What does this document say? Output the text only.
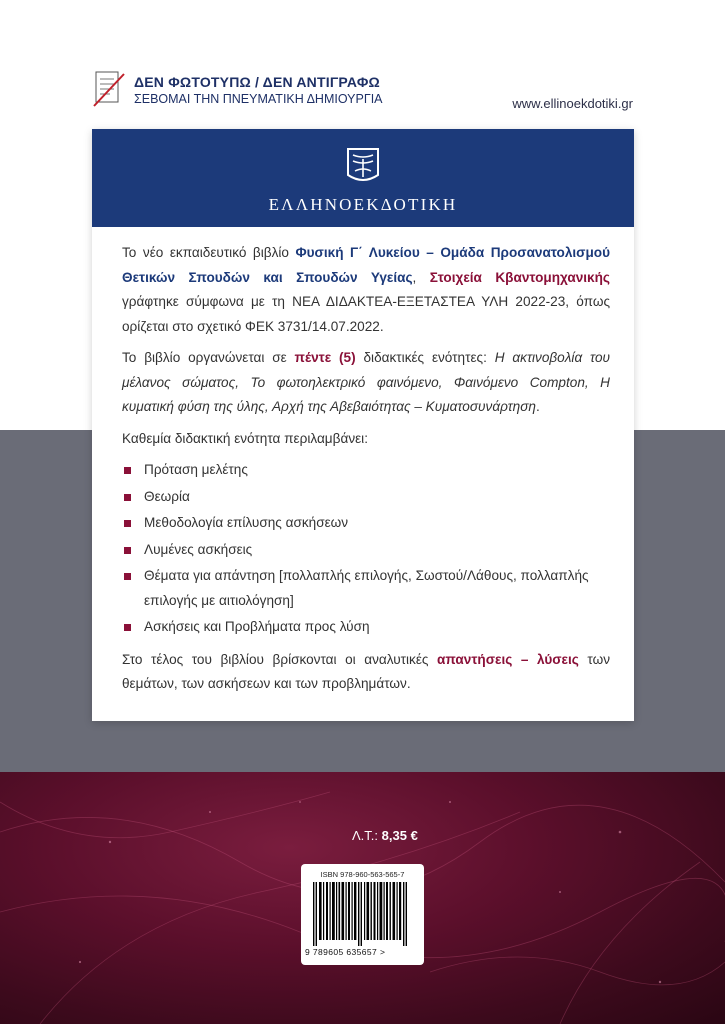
ΔΕΝ ΦΩΤΟΤΥΠΩ / ΔΕΝ ΑΝΤΙΓΡΑΦΩ
ΣΕΒΟΜΑΙ ΤΗΝ ΠΝΕΥΜΑΤΙΚΗ ΔΗΜΙΟΥΡΓΙΑ	www.ellinoekdotiki.gr
ΕΛΛΗΝΟΕΚΔΟΤΙΚΗ

Το νέο εκπαιδευτικό βιβλίο Φυσική Γ΄ Λυκείου – Ομάδα Προσανατολισμού Θετικών Σπουδών και Σπουδών Υγείας, Στοιχεία Κβαντομηχανικής γράφτηκε σύμφωνα με τη ΝΕΑ ΔΙΔΑΚΤΕΑ-ΕΞΕΤΑΣΤΕΑ ΥΛΗ 2022-23, όπως ορίζεται στο σχετικό ΦΕΚ 3731/14.07.2022.

Το βιβλίο οργανώνεται σε πέντε (5) διδακτικές ενότητες: Η ακτινοβολία του μέλανος σώματος, Το φωτοηλεκτρικό φαινόμενο, Φαινόμενο Compton, Η κυματική φύση της ύλης, Αρχή της Αβεβαιότητας – Κυματοσυνάρτηση.

Καθεμία διδακτική ενότητα περιλαμβάνει:

Πρόταση μελέτης
Θεωρία
Μεθοδολογία επίλυσης ασκήσεων
Λυμένες ασκήσεις
Θέματα για απάντηση [πολλαπλής επιλογής, Σωστού/Λάθους, πολλαπλής επιλογής με αιτιολόγηση]
Ασκήσεις και Προβλήματα προς λύση

Στο τέλος του βιβλίου βρίσκονται οι αναλυτικές απαντήσεις – λύσεις των θεμάτων, των ασκήσεων και των προβλημάτων.

Λ.Τ.: 8,35 €
ISBN 978-960-563-565-7
9 789605 635657 >
